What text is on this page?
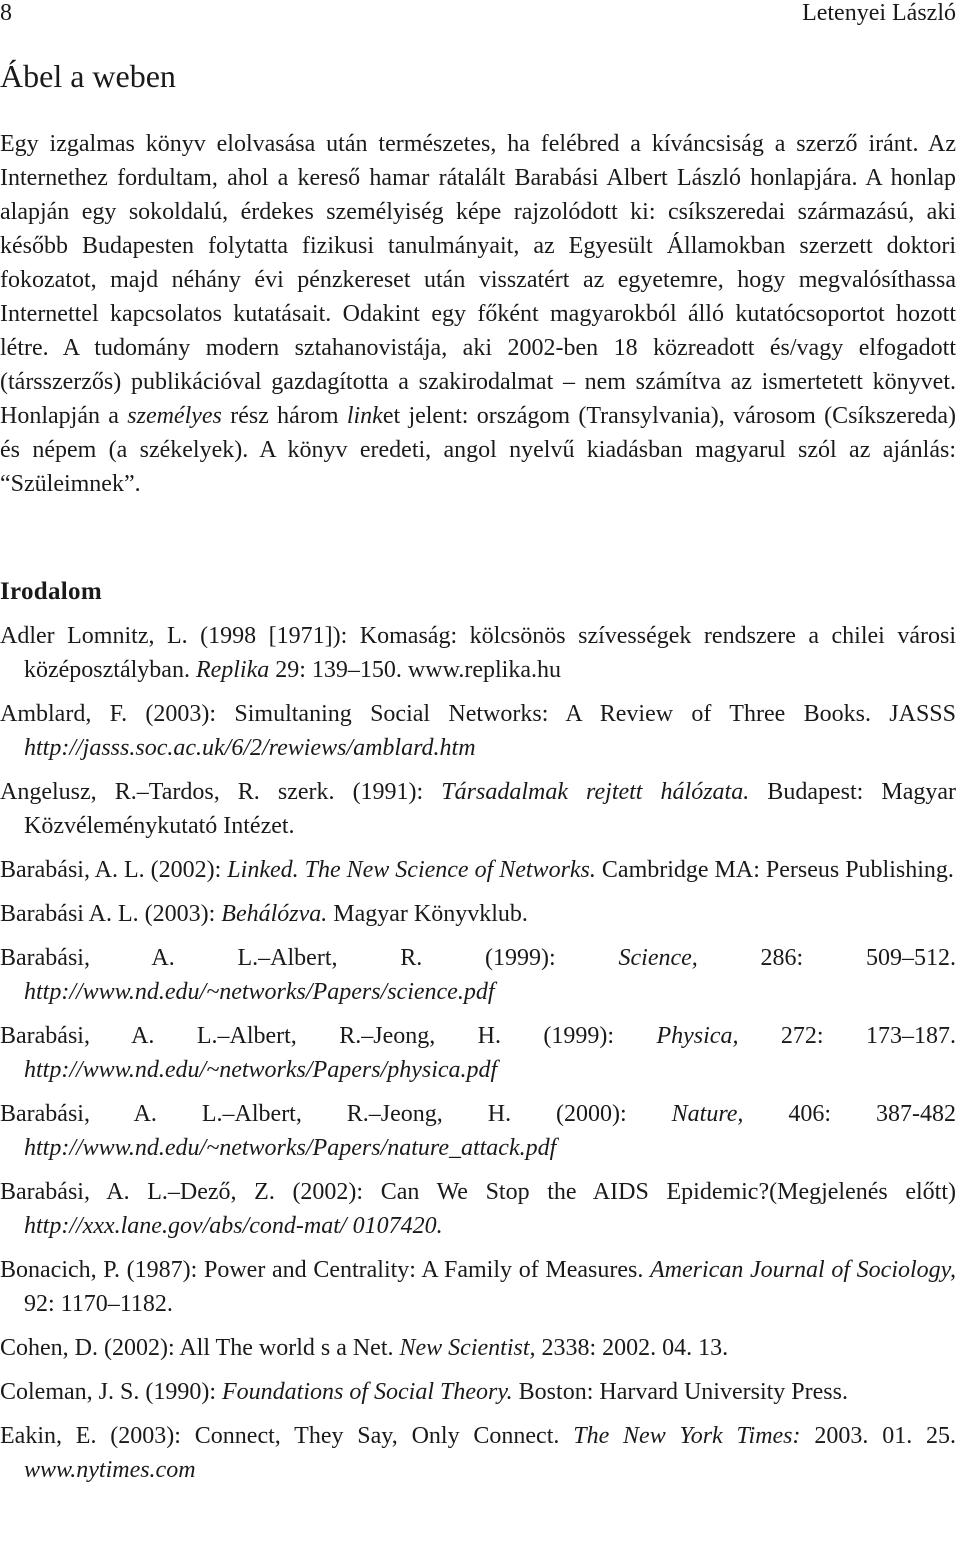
8	Letenyei László
Ábel a weben

Egy izgalmas könyv elolvasása után természetes, ha felébred a kíváncsiság a szerző iránt. Az Internethez fordultam, ahol a kereső hamar rátalált Barabási Albert László honlapjára. A honlap alapján egy sokoldalú, érdekes személyiség képe rajzolódott ki: csíkszeredai származású, aki később Budapesten folytatta fizikusi tanulmányait, az Egyesült Államokban szerzett doktori fokozatot, majd néhány évi pénzkereset után visszatért az egyetemre, hogy megvalósíthassa Internettel kapcsolatos kutatásait. Odakint egy főként magyarokból álló kutatócsoportot hozott létre. A tudomány modern sztahanovistája, aki 2002-ben 18 közreadott és/vagy elfogadott (társszerzős) publikációval gazdagította a szakirodalmat – nem számítva az ismertetett könyvet. Honlapján a személyes rész három linket jelent: országom (Transylvania), városom (Csíkszereda) és népem (a székelyek). A könyv eredeti, angol nyelvű kiadásban magyarul szól az ajánlás: “Szüleimnek”.

Irodalom
Adler Lomnitz, L. (1998 [1971]): Komaság: kölcsönös szívességek rendszere a chilei városi középosztályban. Replika 29: 139–150. www.replika.hu
Amblard, F. (2003): Simultaning Social Networks: A Review of Three Books. JASSS http://jasss.soc.ac.uk/6/2/rewiews/amblard.htm
Angelusz, R.–Tardos, R. szerk. (1991): Társadalmak rejtett hálózata. Budapest: Magyar Közvéleménykutató Intézet.
Barabási, A. L. (2002): Linked. The New Science of Networks. Cambridge MA: Perseus Publishing.
Barabási A. L. (2003): Behálózva. Magyar Könyvklub.
Barabási, A. L.–Albert, R. (1999): Science, 286: 509–512. http://www.nd.edu/~networks/Papers/science.pdf
Barabási, A. L.–Albert, R.–Jeong, H. (1999): Physica, 272: 173–187. http://www.nd.edu/~networks/Papers/physica.pdf
Barabási, A. L.–Albert, R.–Jeong, H. (2000): Nature, 406: 387-482 http://www.nd.edu/~networks/Papers/nature_attack.pdf
Barabási, A. L.–Dező, Z. (2002): Can We Stop the AIDS Epidemic?(Megjelenés előtt) http://xxx.lane.gov/abs/cond-mat/ 0107420.
Bonacich, P. (1987): Power and Centrality: A Family of Measures. American Journal of Sociology, 92: 1170–1182.
Cohen, D. (2002): All The world s a Net. New Scientist, 2338: 2002. 04. 13.
Coleman, J. S. (1990): Foundations of Social Theory. Boston: Harvard University Press.
Eakin, E. (2003): Connect, They Say, Only Connect. The New York Times: 2003. 01. 25. www.nytimes.com
